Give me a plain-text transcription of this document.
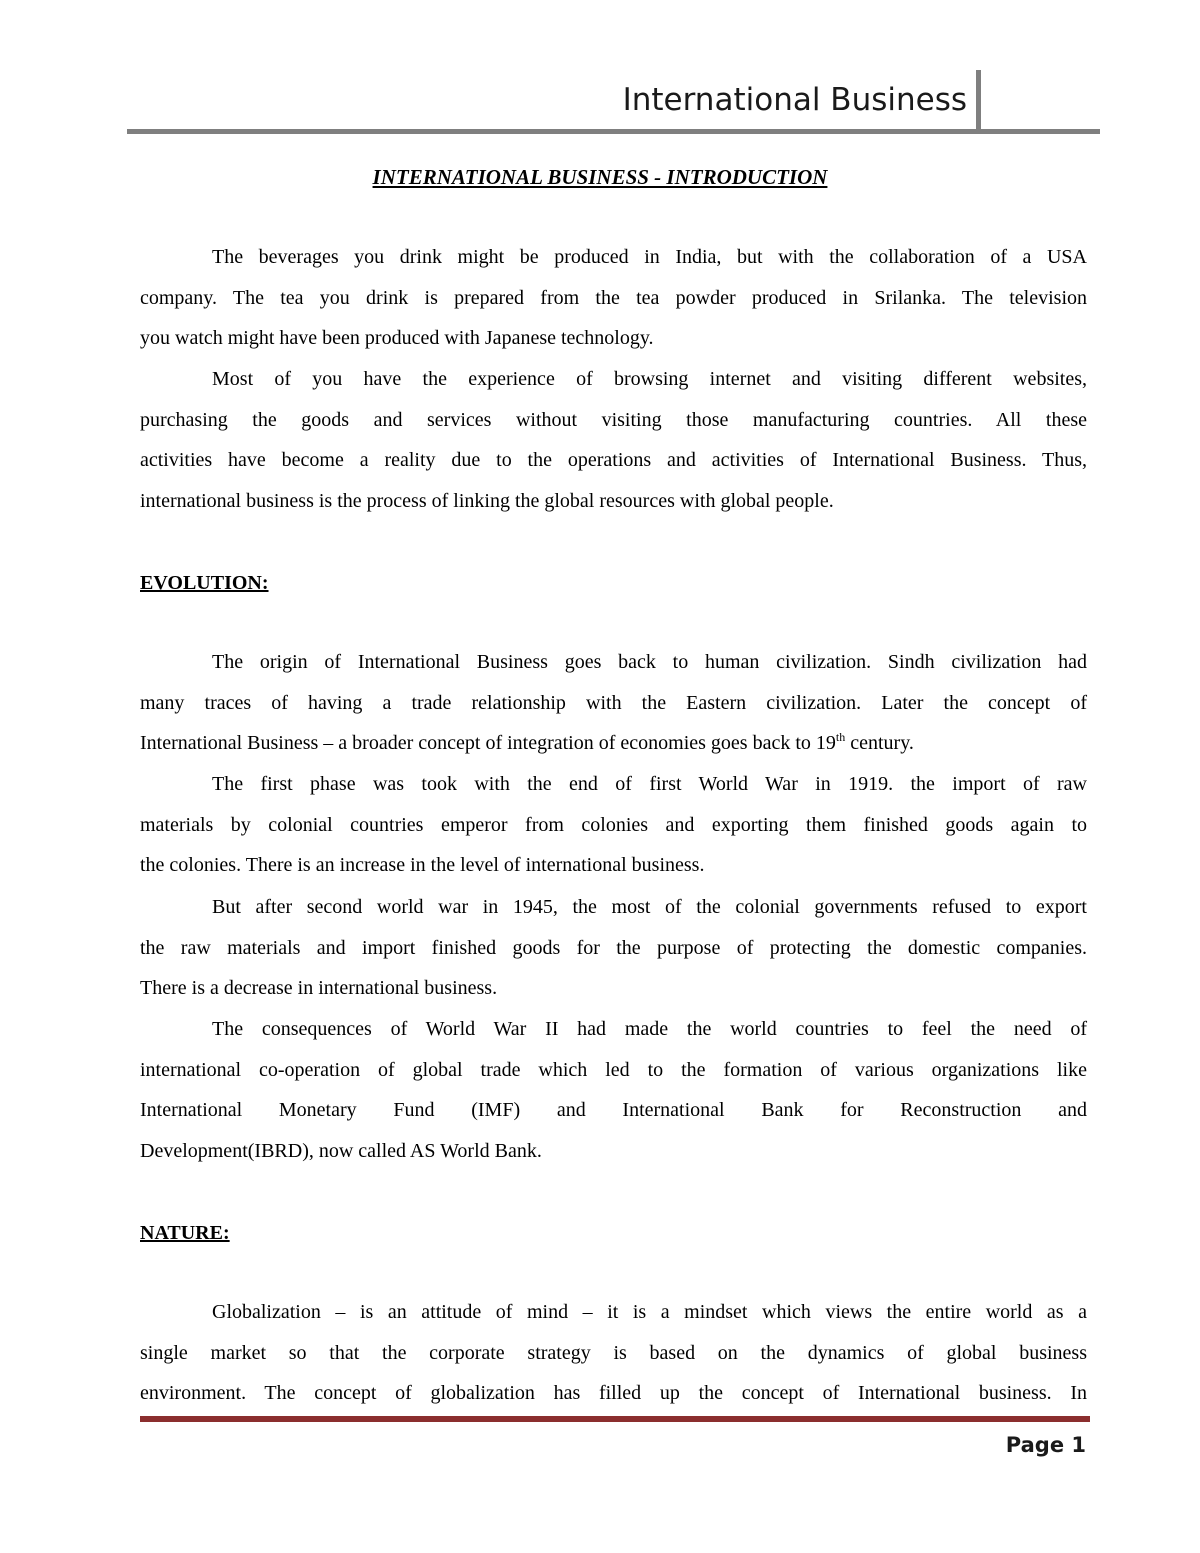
International Business
INTERNATIONAL BUSINESS - INTRODUCTION
The beverages you drink might be produced in India, but with the collaboration of a USA
company. The tea you drink is prepared from the tea powder produced in Srilanka. The television
you watch might have been produced with Japanese technology.
Most of you have the experience of browsing internet and visiting different websites,
purchasing the goods and services without visiting those manufacturing countries. All these
activities have become a reality due to the operations and activities of International Business. Thus,
international business is the process of linking the global resources with global people.
EVOLUTION:
The origin of International Business goes back to human civilization. Sindh civilization had
many traces of having a trade relationship with the Eastern civilization. Later the concept of
International Business – a broader concept of integration of economies goes back to 19th century.
The first phase was took with the end of first World War in 1919. the import of raw
materials by colonial countries emperor from colonies and exporting them finished goods again to
the colonies. There is an increase in the level of international business.
But after second world war in 1945, the most of the colonial governments refused to export
the raw materials and import finished goods for the purpose of protecting the domestic companies.
There is a decrease in international business.
The consequences of World War II had made the world countries to feel the need of
international co-operation of global trade which led to the formation of various organizations like
International Monetary Fund (IMF) and International Bank for Reconstruction and
Development(IBRD), now called AS World Bank.
NATURE:
Globalization – is an attitude of mind – it is a mindset which views the entire world as a
single market so that the corporate strategy is based on the dynamics of global business
environment. The concept of globalization has filled up the concept of International business. In
Page 1
